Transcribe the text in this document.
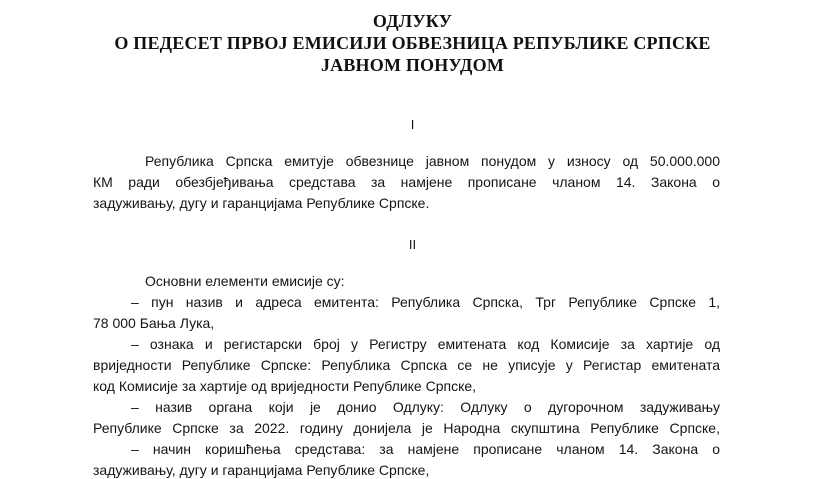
ОДЛУКУ
О ПЕДЕСЕТ ПРВОЈ ЕМИСИЈИ ОБВЕЗНИЦА РЕПУБЛИКЕ СРПСКЕ
ЈАВНОМ ПОНУДОМ
I
Република Српска емитује обвезнице јавном понудом у износу од 50.000.000
КМ ради обезбјеђивања средстава за намјене прописане чланом 14. Закона о
задуживању, дугу и гаранцијама Републике Српске.
II
Основни елементи емисије су:
– пун назив и адреса емитента: Република Српска, Трг Републике Српске 1,
78 000 Бања Лука,
– ознака и регистарски број у Регистру емитената код Комисије за хартије од
вриједности Републике Српске: Република Српска се не уписује у Регистар емитената
код Комисије за хартије од вриједности Републике Српске,
– назив органа који је донио Одлуку: Одлуку о дугорочном задуживању
Републике Српске за 2022. годину донијела је Народна скупштина Републике Српске,
– начин коришћења средстава: за намјене прописане чланом 14. Закона о
задуживању, дугу и гаранцијама Републике Српске,
